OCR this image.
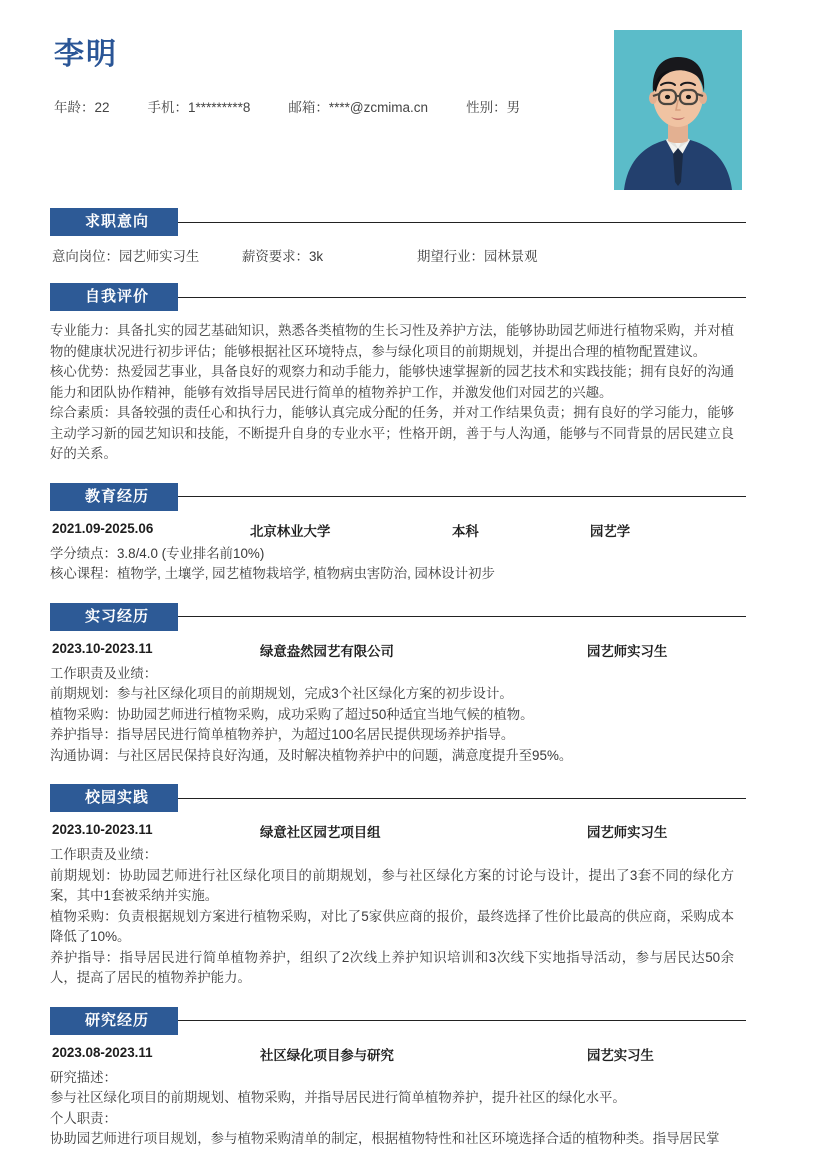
李明
年龄：22	手机：1*********8	邮箱：****@zcmima.cn	性别：男
求职意向
意向岗位：园艺师实习生	薪资要求：3k	期望行业：园林景观
自我评价

专业能力：具备扎实的园艺基础知识，熟悉各类植物的生长习性及养护方法，能够协助园艺师进行植物采购，并对植物的健康状况进行初步评估；能够根据社区环境特点，参与绿化项目的前期规划，并提出合理的植物配置建议。

核心优势：热爱园艺事业，具备良好的观察力和动手能力，能够快速掌握新的园艺技术和实践技能；拥有良好的沟通能力和团队协作精神，能够有效指导居民进行简单的植物养护工作，并激发他们对园艺的兴趣。

综合素质：具备较强的责任心和执行力，能够认真完成分配的任务，并对工作结果负责；拥有良好的学习能力，能够主动学习新的园艺知识和技能，不断提升自身的专业水平；性格开朗，善于与人沟通，能够与不同背景的居民建立良好的关系。

教育经历
2021.09-2025.06	北京林业大学	本科	园艺学

学分绩点：3.8/4.0 (专业排名前10%)

核心课程：植物学, 土壤学, 园艺植物栽培学, 植物病虫害防治, 园林设计初步

实习经历
2023.10-2023.11	绿意盎然园艺有限公司	园艺师实习生

工作职责及业绩：

前期规划：参与社区绿化项目的前期规划，完成3个社区绿化方案的初步设计。

植物采购：协助园艺师进行植物采购，成功采购了超过50种适宜当地气候的植物。

养护指导：指导居民进行简单植物养护，为超过100名居民提供现场养护指导。

沟通协调：与社区居民保持良好沟通，及时解决植物养护中的问题，满意度提升至95%。

校园实践
2023.10-2023.11	绿意社区园艺项目组	园艺师实习生

工作职责及业绩：

前期规划：协助园艺师进行社区绿化项目的前期规划，参与社区绿化方案的讨论与设计，提出了3套不同的绿化方案，其中1套被采纳并实施。

植物采购：负责根据规划方案进行植物采购，对比了5家供应商的报价，最终选择了性价比最高的供应商，采购成本降低了10%。

养护指导：指导居民进行简单植物养护，组织了2次线上养护知识培训和3次线下实地指导活动，参与居民达50余人，提高了居民的植物养护能力。

研究经历
2023.08-2023.11	社区绿化项目参与研究	园艺实习生

研究描述：

参与社区绿化项目的前期规划、植物采购，并指导居民进行简单植物养护，提升社区的绿化水平。

个人职责：

协助园艺师进行项目规划，参与植物采购清单的制定，根据植物特性和社区环境选择合适的植物种类。指导居民掌
